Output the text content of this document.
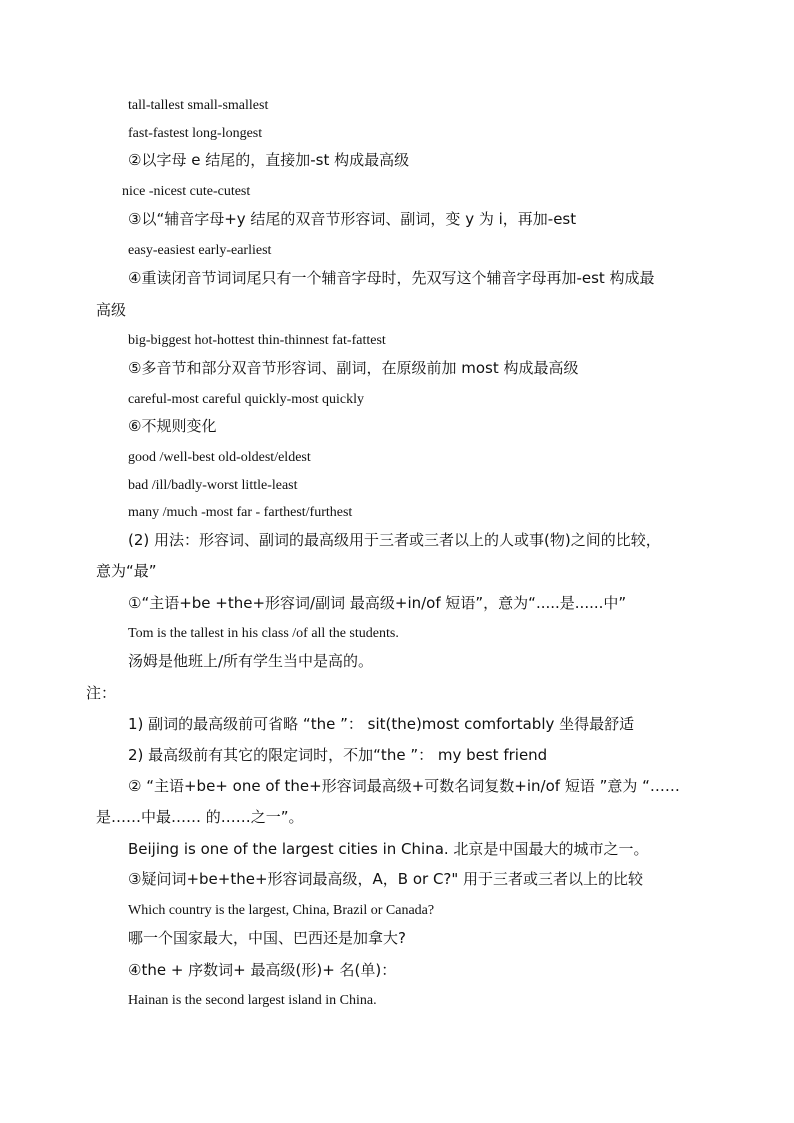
tall-tallest small-smallest
fast-fastest long-longest
②以字母 e 结尾的，直接加-st 构成最高级
nice -nicest cute-cutest
③以“辅音字母+y 结尾的双音节形容词、副词，变 y 为 i，再加-est
easy-easiest early-earliest
④重读闭音节词词尾只有一个辅音字母时，先双写这个辅音字母再加-est 构成最
高级
big-biggest hot-hottest thin-thinnest fat-fattest
⑤多音节和部分双音节形容词、副词，在原级前加 most 构成最高级
careful-most careful quickly-most quickly
⑥不规则变化
good /well-best old-oldest/eldest
bad /ill/badly-worst little-least
many /much -most far - farthest/furthest
(2) 用法：形容词、副词的最高级用于三者或三者以上的人或事(物)之间的比较，
意为“最”
①“主语+be +the+形容词/副词 最高级+in/of 短语”，意为“.....是......中”
Tom is the tallest in his class /of all the students.
汤姆是他班上/所有学生当中是高的。
注：
1) 副词的最高级前可省略 “the ”： sit(the)most comfortably 坐得最舒适
2) 最高级前有其它的限定词时，不加“the ”： my best friend
② “主语+be+ one of the+形容词最高级+可数名词复数+in/of 短语 ”意为 “……
是……中最…… 的……之一”。
Beijing is one of the largest cities in China. 北京是中国最大的城市之一。
③疑问词+be+the+形容词最高级，A，B or C?" 用于三者或三者以上的比较
Which country is the largest, China, Brazil or Canada?
哪一个国家最大，中国、巴西还是加拿大?
④the + 序数词+ 最高级(形)+ 名(单)：
Hainan is the second largest island in China.
